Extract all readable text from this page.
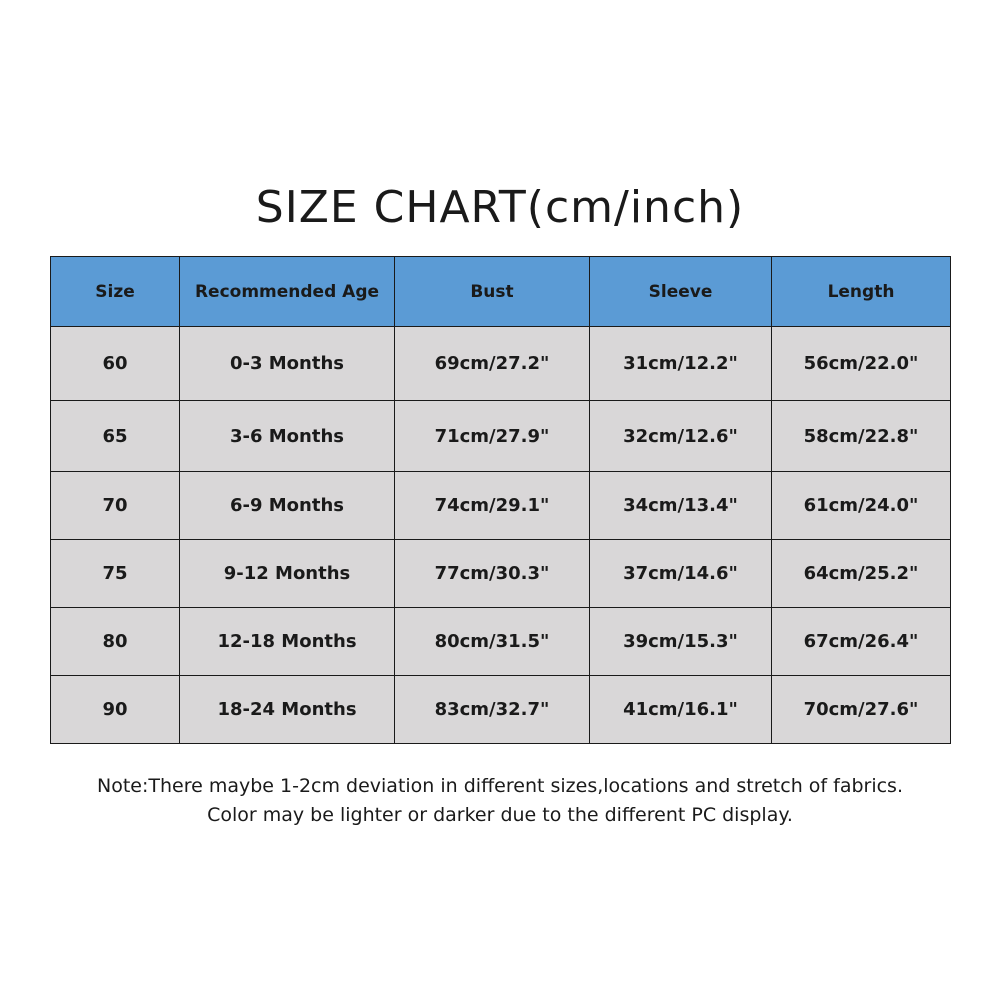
SIZE CHART(cm/inch)
Size	Recommended Age	Bust	Sleeve	Length
60	0-3 Months	69cm/27.2"	31cm/12.2"	56cm/22.0"
65	3-6 Months	71cm/27.9"	32cm/12.6"	58cm/22.8"
70	6-9 Months	74cm/29.1"	34cm/13.4"	61cm/24.0"
75	9-12 Months	77cm/30.3"	37cm/14.6"	64cm/25.2"
80	12-18 Months	80cm/31.5"	39cm/15.3"	67cm/26.4"
90	18-24 Months	83cm/32.7"	41cm/16.1"	70cm/27.6"
Note:There maybe 1-2cm deviation in different sizes,locations and stretch of fabrics.
Color may be lighter or darker due to the different PC display.
